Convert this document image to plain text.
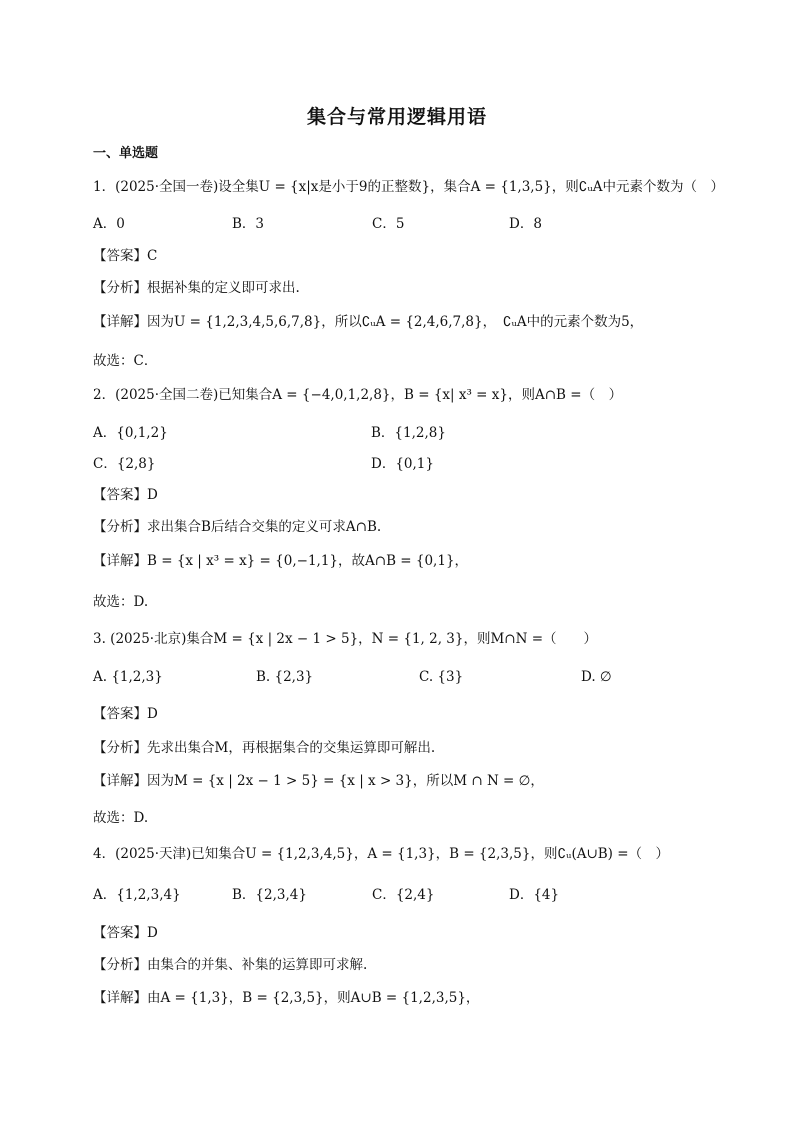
集合与常用逻辑用语
一、单选题
1．(2025·全国一卷)设全集U = {x|x是小于9的正整数}，集合A = {1,3,5}，则∁ᵤA中元素个数为（　）
A．0	B．3	C．5	D．8
【答案】C
【分析】根据补集的定义即可求出.
【详解】因为U = {1,2,3,4,5,6,7,8}，所以∁ᵤA = {2,4,6,7,8}，　∁ᵤA中的元素个数为5，
故选：C．
2．(2025·全国二卷)已知集合A = {−4,0,1,2,8}，B = {x| x³ = x}，则A∩B =（　）
A．{0,1,2}	B．{1,2,8}
C．{2,8}	D．{0,1}
【答案】D
【分析】求出集合B后结合交集的定义可求A∩B.
【详解】B = {x | x³ = x} = {0,−1,1}，故A∩B = {0,1}，
故选：D.
3. (2025·北京)集合M = {x | 2x − 1 > 5}，N = {1, 2, 3}，则M∩N =（　　）
A. {1,2,3}	B. {2,3}	C. {3}	D. ∅
【答案】D
【分析】先求出集合M，再根据集合的交集运算即可解出.
【详解】因为M = {x | 2x − 1 > 5} = {x | x > 3}，所以M ∩ N = ∅，
故选：D.
4．(2025·天津)已知集合U = {1,2,3,4,5}，A = {1,3}，B = {2,3,5}，则∁ᵤ(A∪B) =（　）
A．{1,2,3,4}	B．{2,3,4}	C．{2,4}	D．{4}
【答案】D
【分析】由集合的并集、补集的运算即可求解.
【详解】由A = {1,3}，B = {2,3,5}，则A∪B = {1,2,3,5}，
